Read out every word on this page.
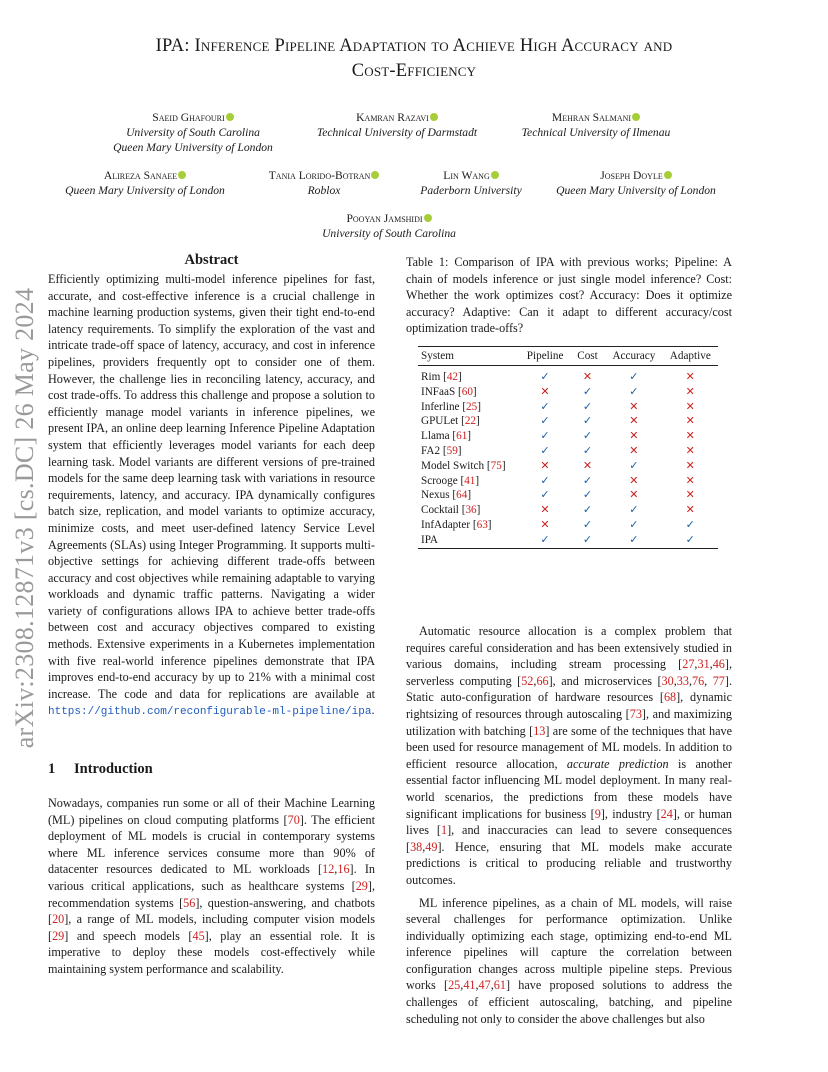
IPA: Inference Pipeline Adaptation to Achieve High Accuracy and
Cost-Efficiency
Saeid Ghafouri
University of South Carolina
Queen Mary University of London
Kamran Razavi
Technical University of Darmstadt
Mehran Salmani
Technical University of Ilmenau
Alireza Sanaee
Queen Mary University of London
Tania Lorido-Botran
Roblox
Lin Wang
Paderborn University
Joseph Doyle
Queen Mary University of London
Pooyan Jamshidi
University of South Carolina
arXiv:2308.12871v3 [cs.DC] 26 May 2024
Abstract
Efficiently optimizing multi-model inference pipelines for fast, accurate, and cost-effective inference is a crucial challenge in machine learning production systems, given their tight end-to-end latency requirements. To simplify the exploration of the vast and intricate trade-off space of latency, accuracy, and cost in inference pipelines, providers frequently opt to consider one of them. However, the challenge lies in reconciling latency, accuracy, and cost trade-offs. To address this challenge and propose a solution to efficiently manage model variants in inference pipelines, we present IPA, an online deep learning Inference Pipeline Adaptation system that efficiently leverages model variants for each deep learning task. Model variants are different versions of pre-trained models for the same deep learning task with variations in resource requirements, latency, and accuracy. IPA dynamically configures batch size, replication, and model variants to optimize accuracy, minimize costs, and meet user-defined latency Service Level Agreements (SLAs) using Integer Programming. It supports multi-objective settings for achieving different trade-offs between accuracy and cost objectives while remaining adaptable to varying workloads and dynamic traffic patterns. Navigating a wider variety of configurations allows IPA to achieve better trade-offs between cost and accuracy objectives compared to existing methods. Extensive experiments in a Kubernetes implementation with five real-world inference pipelines demonstrate that IPA improves end-to-end accuracy by up to 21% with a minimal cost increase. The code and data for replications are available at https://github.com/reconfigurable-ml-pipeline/ipa.
1 Introduction
Nowadays, companies run some or all of their Machine Learning (ML) pipelines on cloud computing platforms [70]. The efficient deployment of ML models is crucial in contemporary systems where ML inference services consume more than 90% of datacenter resources dedicated to ML workloads [12,16]. In various critical applications, such as healthcare systems [29], recommendation systems [56], question-answering, and chatbots [20], a range of ML models, including computer vision models [29] and speech models [45], play an essential role. It is imperative to deploy these models cost-effectively while maintaining system performance and scalability.
Table 1: Comparison of IPA with previous works; Pipeline: A chain of models inference or just single model inference? Cost: Whether the work optimizes cost? Accuracy: Does it optimize accuracy? Adaptive: Can it adapt to different accuracy/cost optimization trade-offs?
System	Pipeline	Cost	Accuracy	Adaptive
Rim [42]	✓	✕	✓	✕
INFaaS [60]	✕	✓	✓	✕
Inferline [25]	✓	✓	✕	✕
GPULet [22]	✓	✓	✕	✕
Llama [61]	✓	✓	✕	✕
FA2 [59]	✓	✓	✕	✕
Model Switch [75]	✕	✕	✓	✕
Scrooge [41]	✓	✓	✕	✕
Nexus [64]	✓	✓	✕	✕
Cocktail [36]	✕	✓	✓	✕
InfAdapter [63]	✕	✓	✓	✓
IPA	✓	✓	✓	✓

Automatic resource allocation is a complex problem that requires careful consideration and has been extensively studied in various domains, including stream processing [27,31,46], serverless computing [52,66], and microservices [30,33,76, 77]. Static auto-configuration of hardware resources [68], dynamic rightsizing of resources through autoscaling [73], and maximizing utilization with batching [13] are some of the techniques that have been used for resource management of ML models. In addition to efficient resource allocation, accurate prediction is another essential factor influencing ML model deployment. In many real-world scenarios, the predictions from these models have significant implications for business [9], industry [24], or human lives [1], and inaccuracies can lead to severe consequences [38,49]. Hence, ensuring that ML models make accurate predictions is critical to producing reliable and trustworthy outcomes.

ML inference pipelines, as a chain of ML models, will raise several challenges for performance optimization. Unlike individually optimizing each stage, optimizing end-to-end ML inference pipelines will capture the correlation between configuration changes across multiple pipeline steps. Previous works [25,41,47,61] have proposed solutions to address the challenges of efficient autoscaling, batching, and pipeline scheduling not only to consider the above challenges but also
